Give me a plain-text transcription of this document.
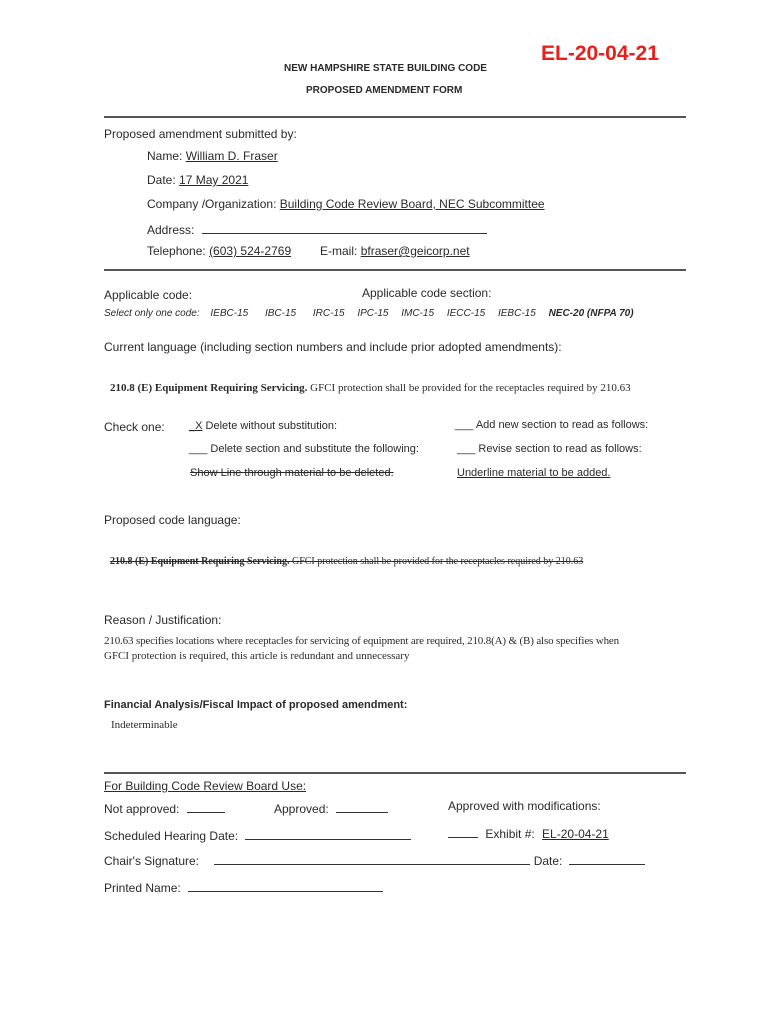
EL-20-04-21
NEW HAMPSHIRE STATE BUILDING CODE
PROPOSED AMENDMENT FORM
Proposed amendment submitted by:
Name: William D. Fraser
Date: 17 May 2021
Company /Organization: Building Code Review Board, NEC Subcommittee
Address:
Telephone: (603) 524-2769 E-mail: bfraser@geicorp.net
Applicable code:	Applicable code section:
Select only one code: IEBC-15 IBC-15 IRC-15 IPC-15 IMC-15 IECC-15 IEBC-15 NEC-20 (NFPA 70)
Current language (including section numbers and include prior adopted amendments):
210.8 (E) Equipment Requiring Servicing. GFCI protection shall be provided for the receptacles required by 210.63
Check one: _X Delete without substitution:	___ Add new section to read as follows:
___ Delete section and substitute the following:	___ Revise section to read as follows:
Show Line through material to be deleted.	Underline material to be added.
Proposed code language:
210.8 (E) Equipment Requiring Servicing. GFCI protection shall be provided for the receptacles required by 210.63
Reason / Justification:
210.63 specifies locations where receptacles for servicing of equipment are required, 210.8(A) & (B) also specifies when
GFCI protection is required, this article is redundant and unnecessary
Financial Analysis/Fiscal Impact of proposed amendment:
Indeterminable
For Building Code Review Board Use:
Not approved:	Approved:	Approved with modifications:
Scheduled Hearing Date:	Exhibit #: EL-20-04-21
Chair's Signature:	Date:
Printed Name:
